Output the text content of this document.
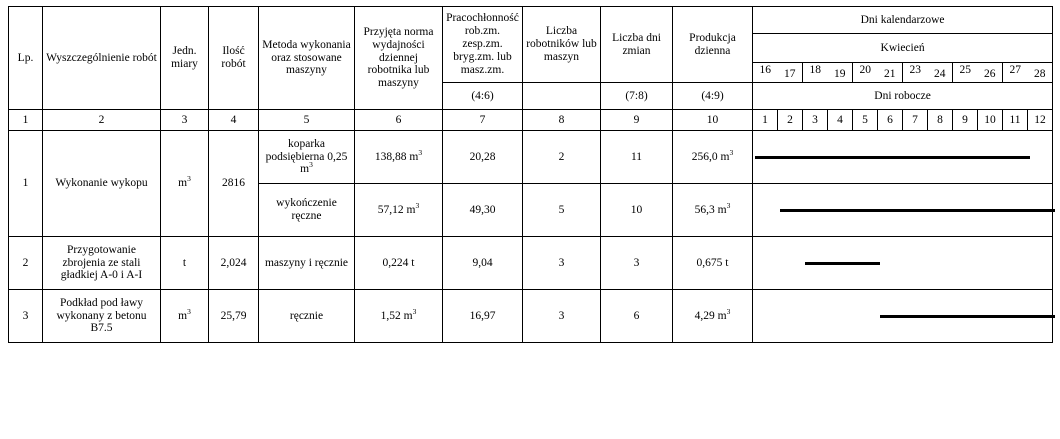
Lp.	Wyszczególnienie robót	Jedn. miary	Ilość robót	Metoda wykonania oraz stosowane maszyny	Przyjęta norma wydajności dziennej robotnika lub maszyny	Pracochłonność rob.zm. zesp.zm. bryg.zm. lub masz.zm.	Liczba robotników lub maszyn	Liczba dni zmian	Produkcja dzienna	Dni kalendarzowe											
										Kwiecień											
										16	17	18	19	20	21	23	24	25	26	27	28
						(4:6)		(7:8)	(4:9)	Dni robocze											
1	2	3	4	5	6	7	8	9	10	1	2	3	4	5	6	7	8	9	10	11	12
1	Wykonanie wykopu	$m^3$	2816	koparka podsiębierna 0,25 $m^3$	138,88 $m^3$	20,28	2	11	256,0 $m^3$	

				wykończenie ręczne	57,12 $m^3$	49,30	5	10	56,3 $m^3$	

2	Przygotowanie zbrojenia ze stali gładkiej A-0 i A-I	t	2,024	maszyny i ręcznie	0,224 t	9,04	3	3	0,675 t												

3	Podkład pod ławy wykonany z betonu B7.5	$m^3$	25,79	ręcznie	1,52 $m^3$	16,97	3	6	4,29 $m^3$	
